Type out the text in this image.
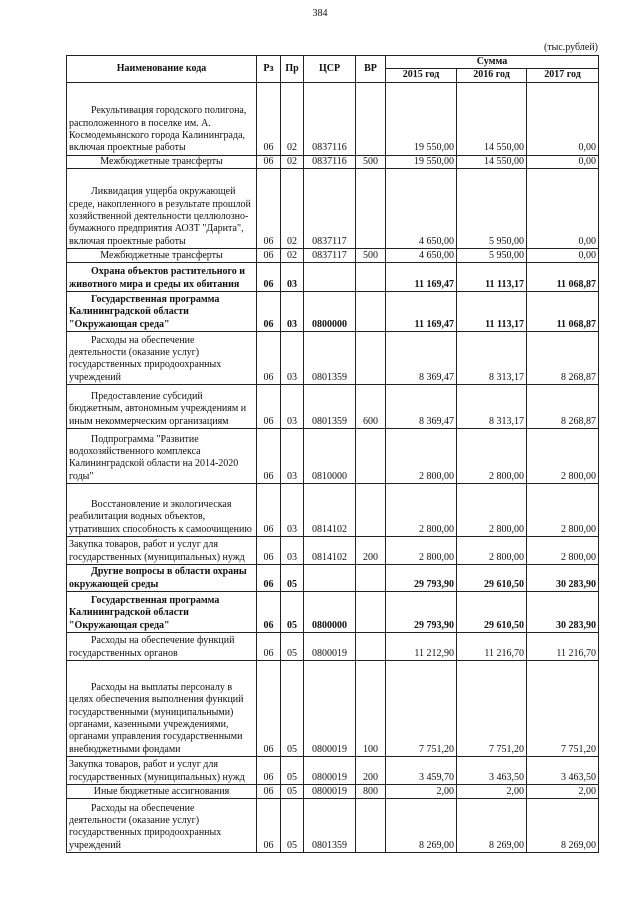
384
(тыс.рублей)
Наименование кода	Рз	Пр	ЦСР	ВР	Сумма		
					2015 год	2016 год	2017 год
Рекультивация городского полигона, расположенного в поселке им. А. Космодемьянского города Калининграда, включая проектные работы	06	02	0837116		19 550,00	14 550,00	0,00
Межбюджетные трансферты	06	02	0837116	500	19 550,00	14 550,00	0,00
Ликвидация ущерба окружающей среде, накопленного в результате прошлой хозяйственной деятельности целлюлозно-бумажного предприятия АОЗТ "Дарита", включая проектные работы	06	02	0837117		4 650,00	5 950,00	0,00
Межбюджетные трансферты	06	02	0837117	500	4 650,00	5 950,00	0,00
Охрана объектов растительного и животного мира и среды их обитания	06	03			11 169,47	11 113,17	11 068,87
Государственная программа Калининградской области "Окружающая среда"	06	03	0800000		11 169,47	11 113,17	11 068,87
Расходы на обеспечение деятельности (оказание услуг) государственных природоохранных учреждений	06	03	0801359		8 369,47	8 313,17	8 268,87
Предоставление субсидий бюджетным, автономным учреждениям и иным некоммерческим организациям	06	03	0801359	600	8 369,47	8 313,17	8 268,87
Подпрограмма "Развитие водохозяйственного комплекса Калининградской области на 2014-2020 годы"	06	03	0810000		2 800,00	2 800,00	2 800,00
Восстановление и экологическая реабилитация водных объектов, утративших способность к самоочищению	06	03	0814102		2 800,00	2 800,00	2 800,00
Закупка товаров, работ и услуг для государственных (муниципальных) нужд	06	03	0814102	200	2 800,00	2 800,00	2 800,00
Другие вопросы в области охраны окружающей среды	06	05			29 793,90	29 610,50	30 283,90
Государственная программа Калининградской области "Окружающая среда"	06	05	0800000		29 793,90	29 610,50	30 283,90
Расходы на обеспечение функций государственных органов	06	05	0800019		11 212,90	11 216,70	11 216,70
Расходы на выплаты персоналу в целях обеспечения выполнения функций государственными (муниципальными) органами, казенными учреждениями, органами управления государственными внебюджетными фондами	06	05	0800019	100	7 751,20	7 751,20	7 751,20
Закупка товаров, работ и услуг для государственных (муниципальных) нужд	06	05	0800019	200	3 459,70	3 463,50	3 463,50
Иные бюджетные ассигнования	06	05	0800019	800	2,00	2,00	2,00
Расходы на обеспечение деятельности (оказание услуг) государственных природоохранных учреждений	06	05	0801359		8 269,00	8 269,00	8 269,00
